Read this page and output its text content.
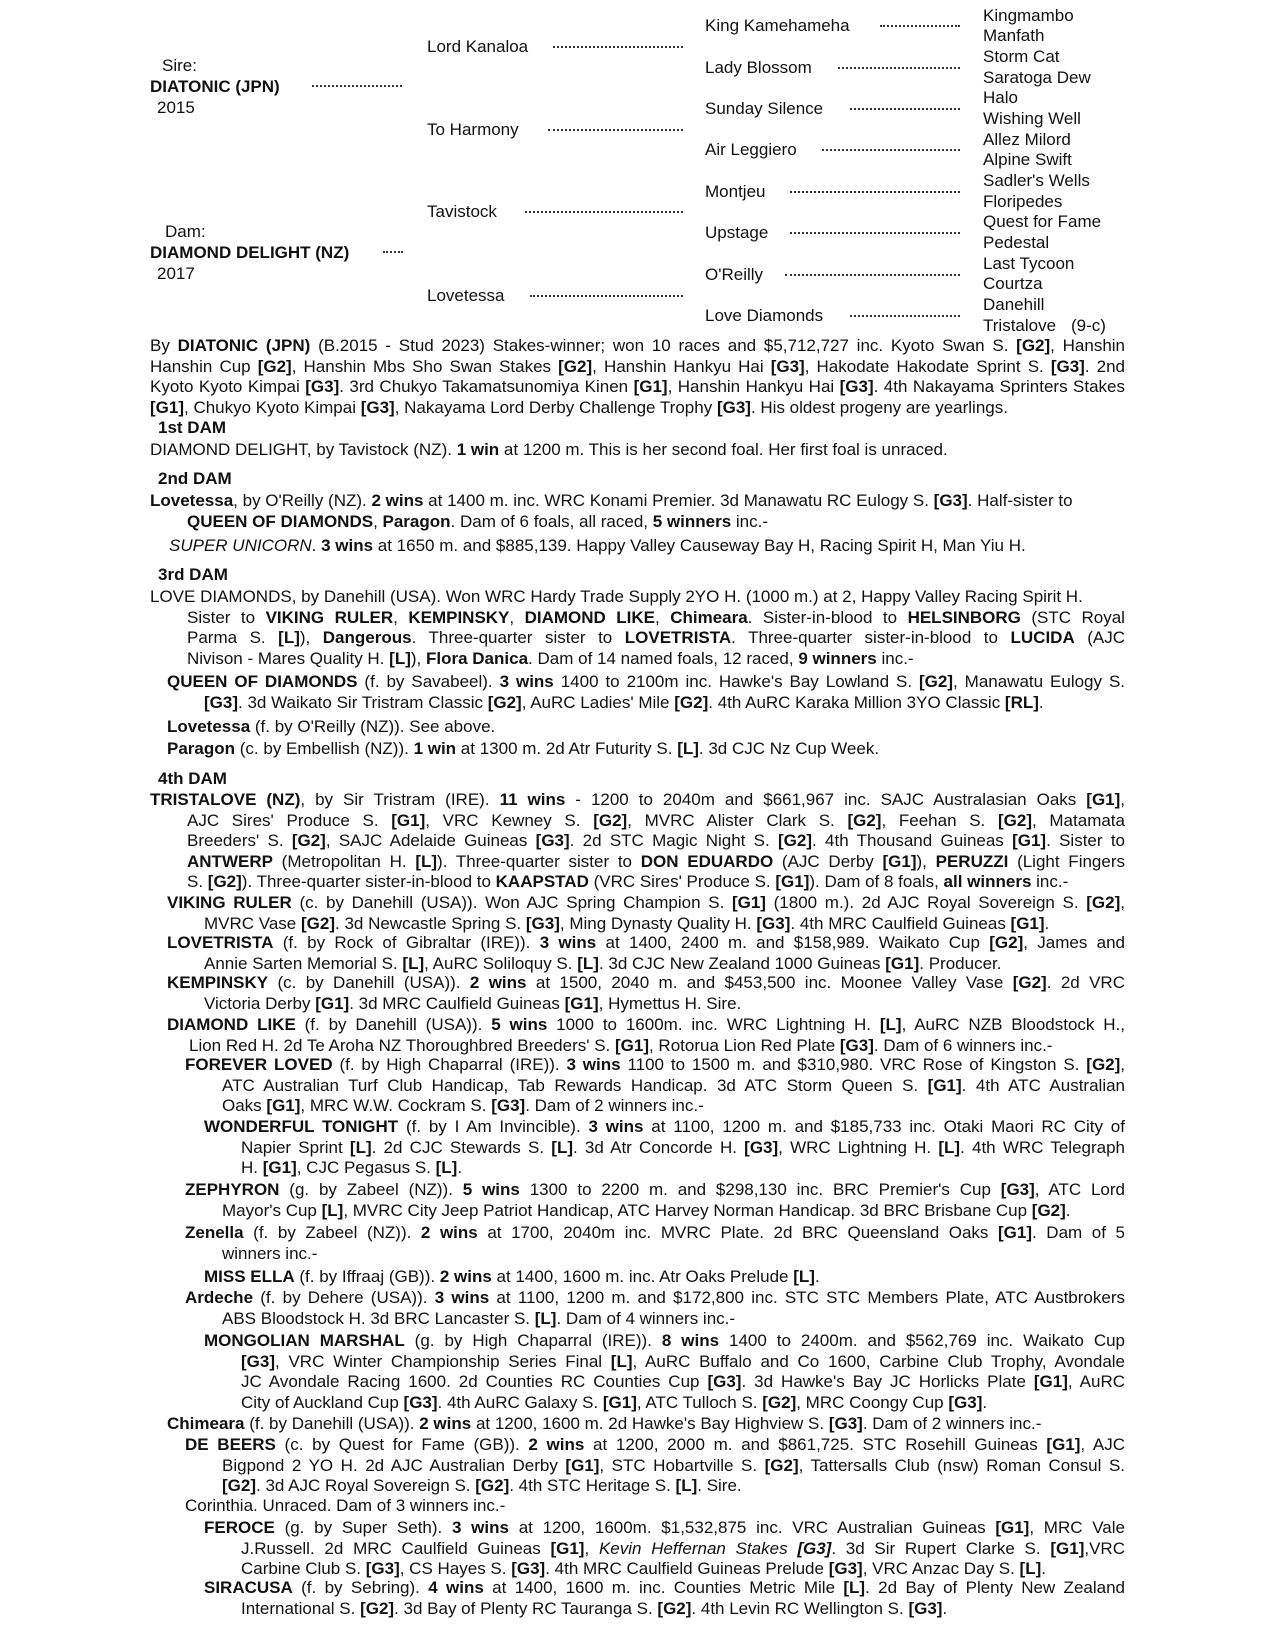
Sire:
DIATONIC (JPN)
2015
Dam:
DIAMOND DELIGHT (NZ)
2017
Lord Kanaloa
To Harmony
Tavistock
Lovetessa
King Kamehameha
Lady Blossom
Sunday Silence
Air Leggiero
Montjeu
Upstage
O'Reilly
Love Diamonds
Kingmambo
Manfath
Storm Cat
Saratoga Dew
Halo
Wishing Well
Allez Milord
Alpine Swift
Sadler's Wells
Floripedes
Quest for Fame
Pedestal
Last Tycoon
Courtza
Danehill
Tristalove (9-c)
By DIATONIC (JPN) (B.2015 - Stud 2023) Stakes-winner; won 10 races and $5,712,727 inc. Kyoto Swan S. [G2], Hanshin Hanshin Cup [G2], Hanshin Mbs Sho Swan Stakes [G2], Hanshin Hankyu Hai [G3], Hakodate Hakodate Sprint S. [G3]. 2nd Kyoto Kyoto Kimpai [G3]. 3rd Chukyo Takamatsunomiya Kinen [G1], Hanshin Hankyu Hai [G3]. 4th Nakayama Sprinters Stakes [G1], Chukyo Kyoto Kimpai [G3], Nakayama Lord Derby Challenge Trophy [G3]. His oldest progeny are yearlings.
1st DAM
DIAMOND DELIGHT, by Tavistock (NZ). 1 win at 1200 m. This is her second foal. Her first foal is unraced.
2nd DAM
Lovetessa, by O'Reilly (NZ). 2 wins at 1400 m. inc. WRC Konami Premier. 3d Manawatu RC Eulogy S. [G3]. Half-sister to
QUEEN OF DIAMONDS, Paragon. Dam of 6 foals, all raced, 5 winners inc.-
SUPER UNICORN. 3 wins at 1650 m. and $885,139. Happy Valley Causeway Bay H, Racing Spirit H, Man Yiu H.
3rd DAM
LOVE DIAMONDS, by Danehill (USA). Won WRC Hardy Trade Supply 2YO H. (1000 m.) at 2, Happy Valley Racing Spirit H.
Sister to VIKING RULER, KEMPINSKY, DIAMOND LIKE, Chimeara. Sister-in-blood to HELSINBORG (STC Royal
Parma S. [L]), Dangerous. Three-quarter sister to LOVETRISTA. Three-quarter sister-in-blood to LUCIDA (AJC
Nivison - Mares Quality H. [L]), Flora Danica. Dam of 14 named foals, 12 raced, 9 winners inc.-
QUEEN OF DIAMONDS (f. by Savabeel). 3 wins 1400 to 2100m inc. Hawke's Bay Lowland S. [G2], Manawatu Eulogy S.
[G3]. 3d Waikato Sir Tristram Classic [G2], AuRC Ladies' Mile [G2]. 4th AuRC Karaka Million 3YO Classic [RL].
Lovetessa (f. by O'Reilly (NZ)). See above.
Paragon (c. by Embellish (NZ)). 1 win at 1300 m. 2d Atr Futurity S. [L]. 3d CJC Nz Cup Week.
4th DAM
TRISTALOVE (NZ), by Sir Tristram (IRE). 11 wins - 1200 to 2040m and $661,967 inc. SAJC Australasian Oaks [G1],
AJC Sires' Produce S. [G1], VRC Kewney S. [G2], MVRC Alister Clark S. [G2], Feehan S. [G2], Matamata
Breeders' S. [G2], SAJC Adelaide Guineas [G3]. 2d STC Magic Night S. [G2]. 4th Thousand Guineas [G1]. Sister to
ANTWERP (Metropolitan H. [L]). Three-quarter sister to DON EDUARDO (AJC Derby [G1]), PERUZZI (Light Fingers
S. [G2]). Three-quarter sister-in-blood to KAAPSTAD (VRC Sires' Produce S. [G1]). Dam of 8 foals, all winners inc.-
VIKING RULER (c. by Danehill (USA)). Won AJC Spring Champion S. [G1] (1800 m.). 2d AJC Royal Sovereign S. [G2],
MVRC Vase [G2]. 3d Newcastle Spring S. [G3], Ming Dynasty Quality H. [G3]. 4th MRC Caulfield Guineas [G1].
LOVETRISTA (f. by Rock of Gibraltar (IRE)). 3 wins at 1400, 2400 m. and $158,989. Waikato Cup [G2], James and
Annie Sarten Memorial S. [L], AuRC Soliloquy S. [L]. 3d CJC New Zealand 1000 Guineas [G1]. Producer.
KEMPINSKY (c. by Danehill (USA)). 2 wins at 1500, 2040 m. and $453,500 inc. Moonee Valley Vase [G2]. 2d VRC
Victoria Derby [G1]. 3d MRC Caulfield Guineas [G1], Hymettus H. Sire.
DIAMOND LIKE (f. by Danehill (USA)). 5 wins 1000 to 1600m. inc. WRC Lightning H. [L], AuRC NZB Bloodstock H.,
Lion Red H. 2d Te Aroha NZ Thoroughbred Breeders' S. [G1], Rotorua Lion Red Plate [G3]. Dam of 6 winners inc.-
FOREVER LOVED (f. by High Chaparral (IRE)). 3 wins 1100 to 1500 m. and $310,980. VRC Rose of Kingston S. [G2],
ATC Australian Turf Club Handicap, Tab Rewards Handicap. 3d ATC Storm Queen S. [G1]. 4th ATC Australian
Oaks [G1], MRC W.W. Cockram S. [G3]. Dam of 2 winners inc.-
WONDERFUL TONIGHT (f. by I Am Invincible). 3 wins at 1100, 1200 m. and $185,733 inc. Otaki Maori RC City of
Napier Sprint [L]. 2d CJC Stewards S. [L]. 3d Atr Concorde H. [G3], WRC Lightning H. [L]. 4th WRC Telegraph
H. [G1], CJC Pegasus S. [L].
ZEPHYRON (g. by Zabeel (NZ)). 5 wins 1300 to 2200 m. and $298,130 inc. BRC Premier's Cup [G3], ATC Lord
Mayor's Cup [L], MVRC City Jeep Patriot Handicap, ATC Harvey Norman Handicap. 3d BRC Brisbane Cup [G2].
Zenella (f. by Zabeel (NZ)). 2 wins at 1700, 2040m inc. MVRC Plate. 2d BRC Queensland Oaks [G1]. Dam of 5
winners inc.-
MISS ELLA (f. by Iffraaj (GB)). 2 wins at 1400, 1600 m. inc. Atr Oaks Prelude [L].
Ardeche (f. by Dehere (USA)). 3 wins at 1100, 1200 m. and $172,800 inc. STC STC Members Plate, ATC Austbrokers
ABS Bloodstock H. 3d BRC Lancaster S. [L]. Dam of 4 winners inc.-
MONGOLIAN MARSHAL (g. by High Chaparral (IRE)). 8 wins 1400 to 2400m. and $562,769 inc. Waikato Cup
[G3], VRC Winter Championship Series Final [L], AuRC Buffalo and Co 1600, Carbine Club Trophy, Avondale
JC Avondale Racing 1600. 2d Counties RC Counties Cup [G3]. 3d Hawke's Bay JC Horlicks Plate [G1], AuRC
City of Auckland Cup [G3]. 4th AuRC Galaxy S. [G1], ATC Tulloch S. [G2], MRC Coongy Cup [G3].
Chimeara (f. by Danehill (USA)). 2 wins at 1200, 1600 m. 2d Hawke's Bay Highview S. [G3]. Dam of 2 winners inc.-
DE BEERS (c. by Quest for Fame (GB)). 2 wins at 1200, 2000 m. and $861,725. STC Rosehill Guineas [G1], AJC
Bigpond 2 YO H. 2d AJC Australian Derby [G1], STC Hobartville S. [G2], Tattersalls Club (nsw) Roman Consul S.
[G2]. 3d AJC Royal Sovereign S. [G2]. 4th STC Heritage S. [L]. Sire.
Corinthia. Unraced. Dam of 3 winners inc.-
FEROCE (g. by Super Seth). 3 wins at 1200, 1600m. $1,532,875 inc. VRC Australian Guineas [G1], MRC Vale
J.Russell. 2d MRC Caulfield Guineas [G1], Kevin Heffernan Stakes [G3]. 3d Sir Rupert Clarke S. [G1],VRC
Carbine Club S. [G3], CS Hayes S. [G3]. 4th MRC Caulfield Guineas Prelude [G3], VRC Anzac Day S. [L].
SIRACUSA (f. by Sebring). 4 wins at 1400, 1600 m. inc. Counties Metric Mile [L]. 2d Bay of Plenty New Zealand
International S. [G2]. 3d Bay of Plenty RC Tauranga S. [G2]. 4th Levin RC Wellington S. [G3].
